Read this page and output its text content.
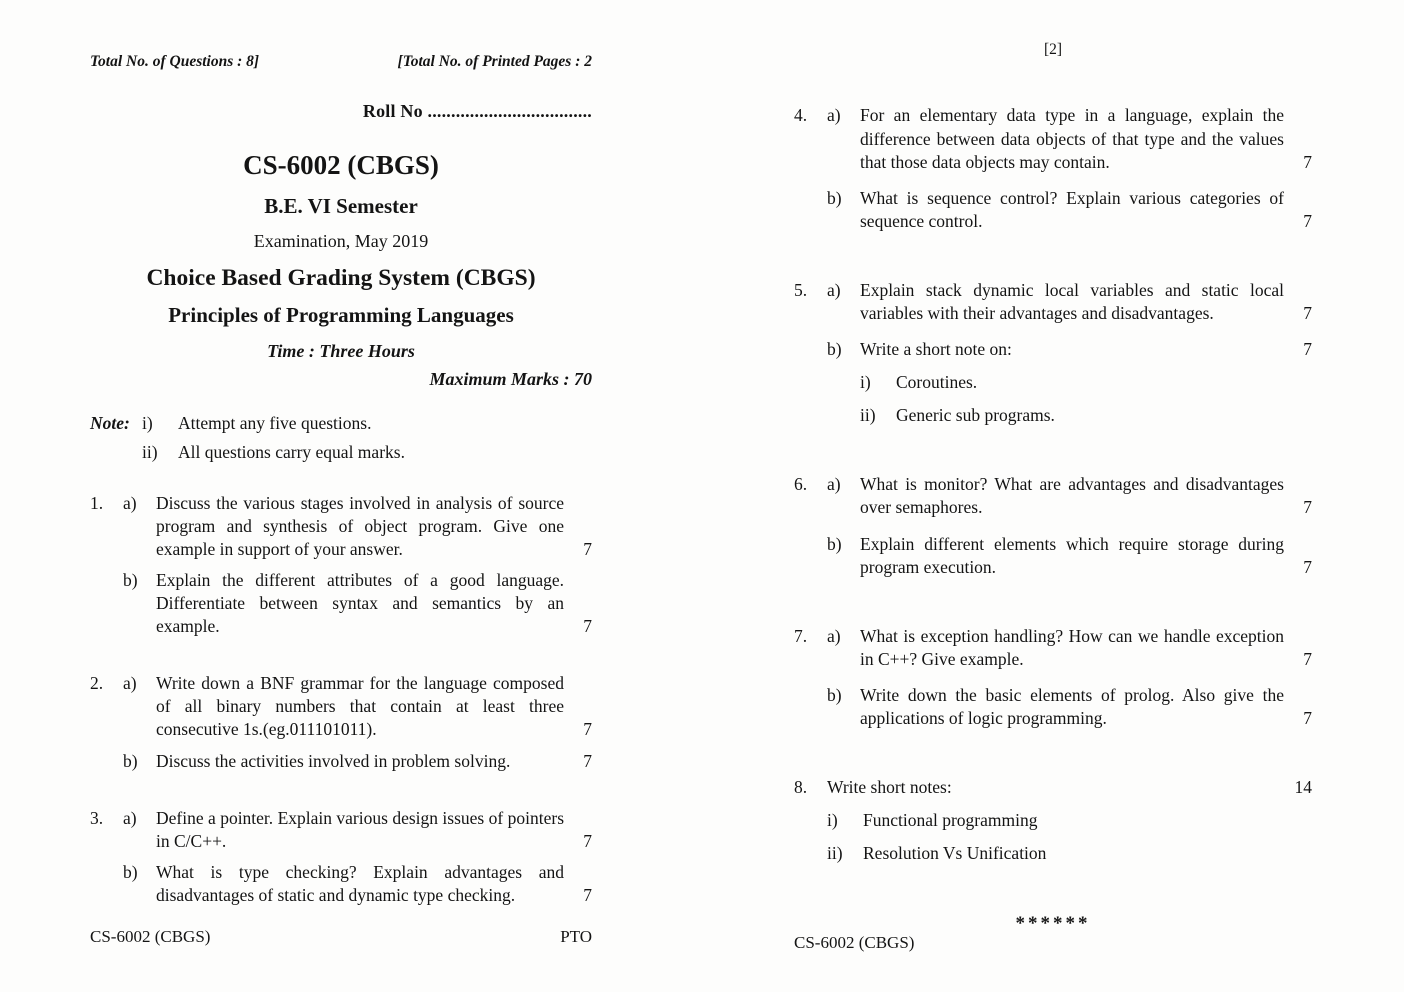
Total No. of Questions : 8]	[Total No. of Printed Pages : 2
Roll No ...................................
CS-6002 (CBGS)
B.E. VI Semester
Examination, May 2019
Choice Based Grading System (CBGS)
Principles of Programming Languages
Time : Three Hours
Maximum Marks : 70
Note: i)	Attempt any five questions.
ii)	All questions carry equal marks.
1.	a)	Discuss the various stages involved in analysis of source program and synthesis of object program. Give one example in support of your answer.	7
b)	Explain the different attributes of a good language. Differentiate between syntax and semantics by an example.	7
2.	a)	Write down a BNF grammar for the language composed of all binary numbers that contain at least three consecutive 1s.(eg.011101011).	7
b)	Discuss the activities involved in problem solving.	7
3.	a)	Define a pointer. Explain various design issues of pointers in C/C++.	7
b)	What is type checking? Explain advantages and disadvantages of static and dynamic type checking.	7
CS-6002 (CBGS)	PTO
[2]
4.	a)	For an elementary data type in a language, explain the difference between data objects of that type and the values that those data objects may contain.	7
b)	What is sequence control? Explain various categories of sequence control.	7
5.	a)	Explain stack dynamic local variables and static local variables with their advantages and disadvantages.	7
b)	Write a short note on:	7
i)	Coroutines.
ii)	Generic sub programs.
6.	a)	What is monitor? What are advantages and disadvantages over semaphores.	7
b)	Explain different elements which require storage during program execution.	7
7.	a)	What is exception handling? How can we handle exception in C++? Give example.	7
b)	Write down the basic elements of prolog. Also give the applications of logic programming.	7
8.	Write short notes:	14
i)	Functional programming
ii)	Resolution Vs Unification
******
CS-6002 (CBGS)
